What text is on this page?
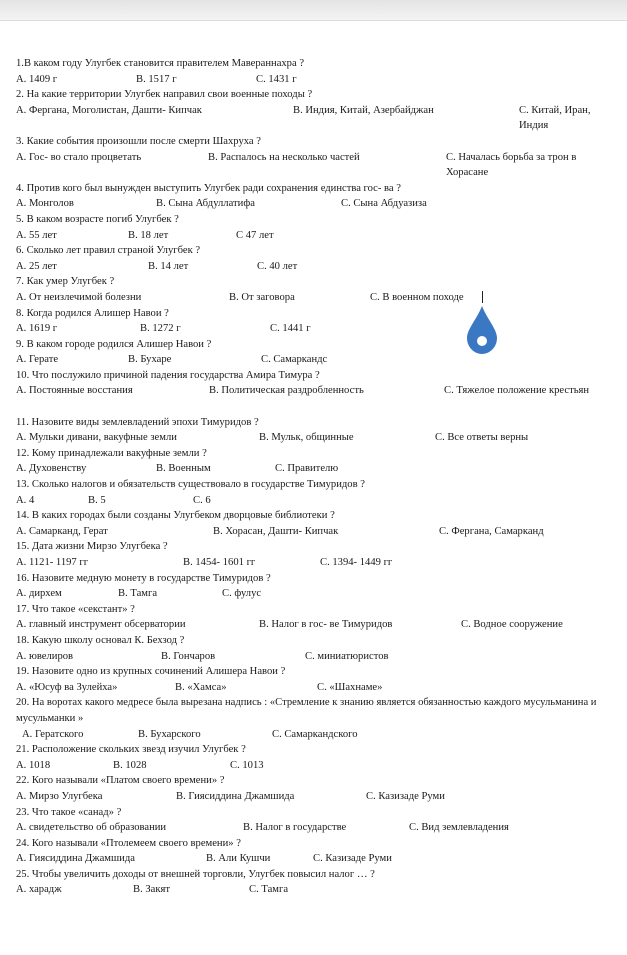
1.В каком году Улугбек становится правителем Мавераннахра ?
A. 1409 г	B. 1517 г	C. 1431 г
2. На какие территории Улугбек направил свои военные походы ?
A. Фергана, Моголистан, Дашти- Кипчак	B. Индия, Китай, Азербайджан	C. Китай, Иран, Индия
3. Какие события произошли после смерти Шахруха ?
A. Гос- во стало процветать	B. Распалось на несколько частей	C. Началась борьба за трон в Хорасане
4. Против кого был вынужден выступить Улугбек ради сохранения единства гос- ва ?
A. Монголов	B. Сына Абдуллатифа	C. Сына Абдуазиза
5. В каком возрасте погиб Улугбек ?
A. 55 лет	B. 18 лет	C 47 лет
6. Сколько лет правил страной Улугбек ?
A. 25 лет	B. 14 лет	C. 40 лет
7. Как умер Улугбек ?
A. От неизлечимой болезни	B. От заговора	C. В военном походе
8. Когда родился Алишер Навои ?
A. 1619 г	B. 1272 г	C. 1441 г
9. В каком городе родился Алишер Навои ?
A. Герате	B. Бухаре	C. Самаркандс
10. Что послужило причиной падения государства Амира Тимура ?
A. Постоянные восстания	B. Политическая раздробленность	C. Тяжелое положение крестьян
11. Назовите виды землевладений эпохи Тимуридов ?
A. Мульки дивани, вакуфные земли	B. Мульк, общинные	C. Все ответы верны
12. Кому принадлежали вакуфные земли ?
A. Духовенству	B. Военным	C. Правителю
13. Сколько налогов и обязательств существовало в государстве Тимуридов ?
A. 4	B. 5	C. 6
14. В каких городах были созданы Улугбеком дворцовые библиотеки ?
A. Самарканд, Герат	B. Хорасан, Дашти- Кипчак	C. Фергана, Самарканд
15. Дата жизни Мирзо Улугбека ?
A. 1121- 1197 гг	B. 1454- 1601 гг	C. 1394- 1449 гг
16. Назовите медную монету в государстве Тимуридов ?
A. дирхем	B. Тамга	C. фулус
17. Что такое «секстант» ?
A. главный инструмент обсерватории	B. Налог в гос- ве Тимуридов	C. Водное сооружение
18. Какую школу основал К. Бехзод ?
A. ювелиров	B. Гончаров	C. миниатюристов
19. Назовите одно из крупных сочинений Алишера Навои ?
A. «Юсуф ва Зулейха»	B. «Хамса»	C. «Шахнаме»
20. На воротах какого медресе была вырезана надпись : «Стремление к знанию является обязанностью каждого мусульманина и мусульманки »
A. Гератского	B. Бухарского	C. Самаркандского
21. Расположение скольких звезд изучил Улугбек ?
A. 1018	B. 1028	C. 1013
22. Кого называли «Платом своего времени» ?
A. Мирзо Улугбека	B. Гиясиддина Джамшида	C. Казизаде Руми
23. Что такое «санад» ?
A. свидетельство об образовании	B. Налог в государстве	C. Вид землевладения
24. Кого называли «Птолемеем своего времени» ?
A. Гиясиддина Джамшида	B. Али Кушчи	C. Казизаде Руми
25. Чтобы увеличить доходы от внешней торговли, Улугбек повысил налог … ?
A. харадж	B. Закят	C. Тамга
